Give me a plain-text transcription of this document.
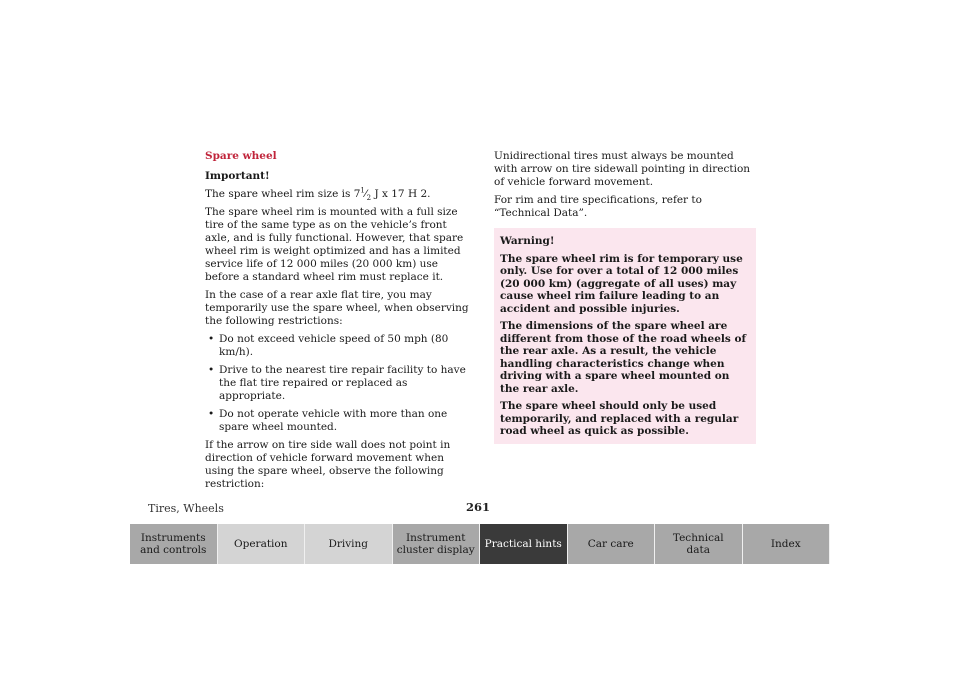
Spare wheel
Important!

The spare wheel rim size is $7^1⁄_2$ J x 17 H 2.

The spare wheel rim is mounted with a full size tire of the same type as on the vehicle’s front axle, and is fully functional. However, that spare wheel rim is weight optimized and has a limited service life of 12 000 miles (20 000 km) use before a standard wheel rim must replace it.

In the case of a rear axle flat tire, you may temporarily use the spare wheel, when observing the following restrictions:

• Do not exceed vehicle speed of 50 mph (80 km/h).
• Drive to the nearest tire repair facility to have the flat tire repaired or replaced as appropriate.
• Do not operate vehicle with more than one spare wheel mounted.

If the arrow on tire side wall does not point in direction of vehicle forward movement when using the spare wheel, observe the following restriction:

Unidirectional tires must always be mounted with arrow on tire sidewall pointing in direction of vehicle forward movement.

For rim and tire specifications, refer to “Technical Data”.

Warning!

The spare wheel rim is for temporary use only. Use for over a total of 12 000 miles (20 000 km) (aggregate of all uses) may cause wheel rim failure leading to an accident and possible injuries.

The dimensions of the spare wheel are different from those of the road wheels of the rear axle. As a result, the vehicle handling characteristics change when driving with a spare wheel mounted on the rear axle.

The spare wheel should only be used temporarily, and replaced with a regular road wheel as quick as possible.

Tires, Wheels	261
Instruments
and controls	Operation	Driving	Instrument
cluster display Practical hints	Car care	Technical
data	Index
